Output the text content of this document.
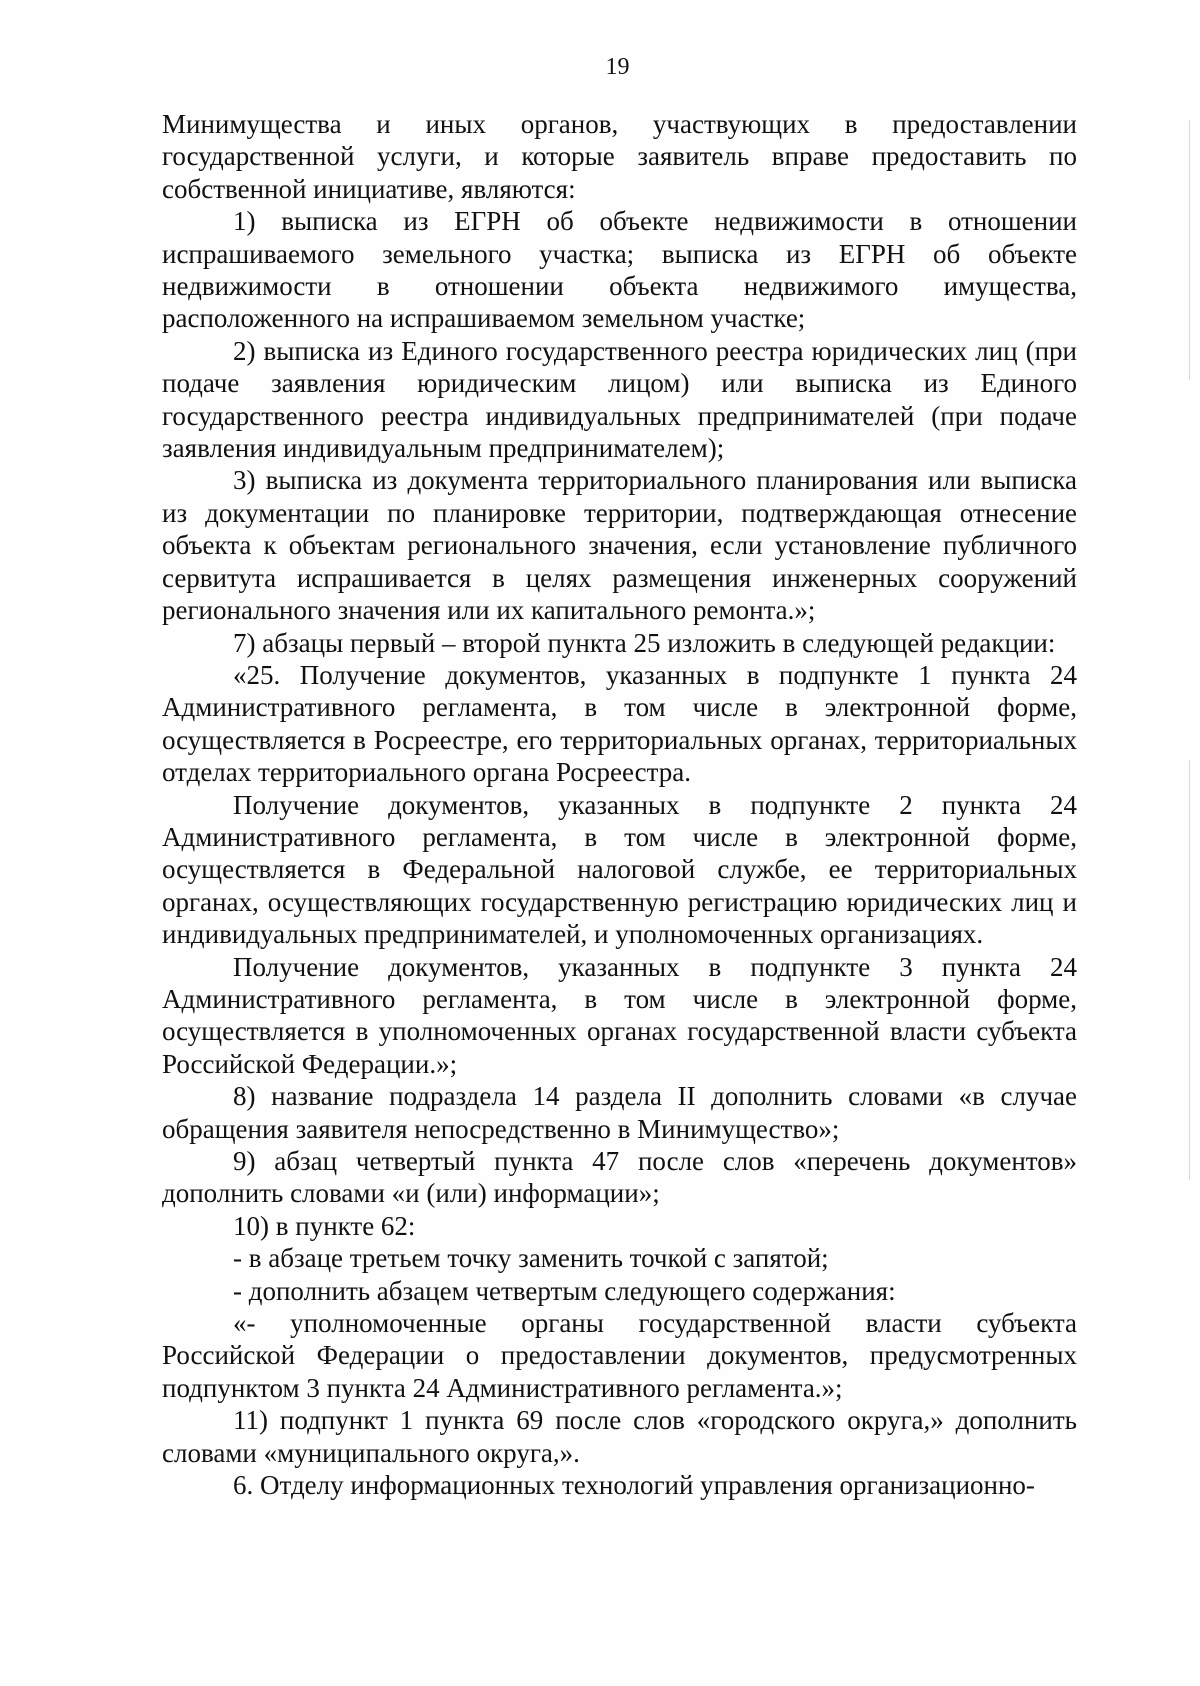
19

Минимущества и иных органов, участвующих в предоставлении государственной услуги, и которые заявитель вправе предоставить по собственной инициативе, являются:

1) выписка из ЕГРН об объекте недвижимости в отношении испрашиваемого земельного участка; выписка из ЕГРН об объекте недвижимости в отношении объекта недвижимого имущества, расположенного на испрашиваемом земельном участке;

2) выписка из Единого государственного реестра юридических лиц (при подаче заявления юридическим лицом) или выписка из Единого государственного реестра индивидуальных предпринимателей (при подаче заявления индивидуальным предпринимателем);

3) выписка из документа территориального планирования или выписка из документации по планировке территории, подтверждающая отнесение объекта к объектам регионального значения, если установление публичного сервитута испрашивается в целях размещения инженерных сооружений регионального значения или их капитального ремонта.»;

7) абзацы первый – второй пункта 25 изложить в следующей редакции:

«25. Получение документов, указанных в подпункте 1 пункта 24 Административного регламента, в том числе в электронной форме, осуществляется в Росреестре, его территориальных органах, территориальных отделах территориального органа Росреестра.

Получение документов, указанных в подпункте 2 пункта 24 Административного регламента, в том числе в электронной форме, осуществляется в Федеральной налоговой службе, ее территориальных органах, осуществляющих государственную регистрацию юридических лиц и индивидуальных предпринимателей, и уполномоченных организациях.

Получение документов, указанных в подпункте 3 пункта 24 Административного регламента, в том числе в электронной форме, осуществляется в уполномоченных органах государственной власти субъекта Российской Федерации.»;

8) название подраздела 14 раздела II дополнить словами «в случае обращения заявителя непосредственно в Минимущество»;

9) абзац четвертый пункта 47 после слов «перечень документов» дополнить словами «и (или) информации»;

10) в пункте 62:

- в абзаце третьем точку заменить точкой с запятой;

- дополнить абзацем четвертым следующего содержания:

«- уполномоченные органы государственной власти субъекта Российской Федерации о предоставлении документов, предусмотренных подпунктом 3 пункта 24 Административного регламента.»;

11) подпункт 1 пункта 69 после слов «городского округа,» дополнить словами «муниципального округа,».

6. Отделу информационных технологий управления организационно-
